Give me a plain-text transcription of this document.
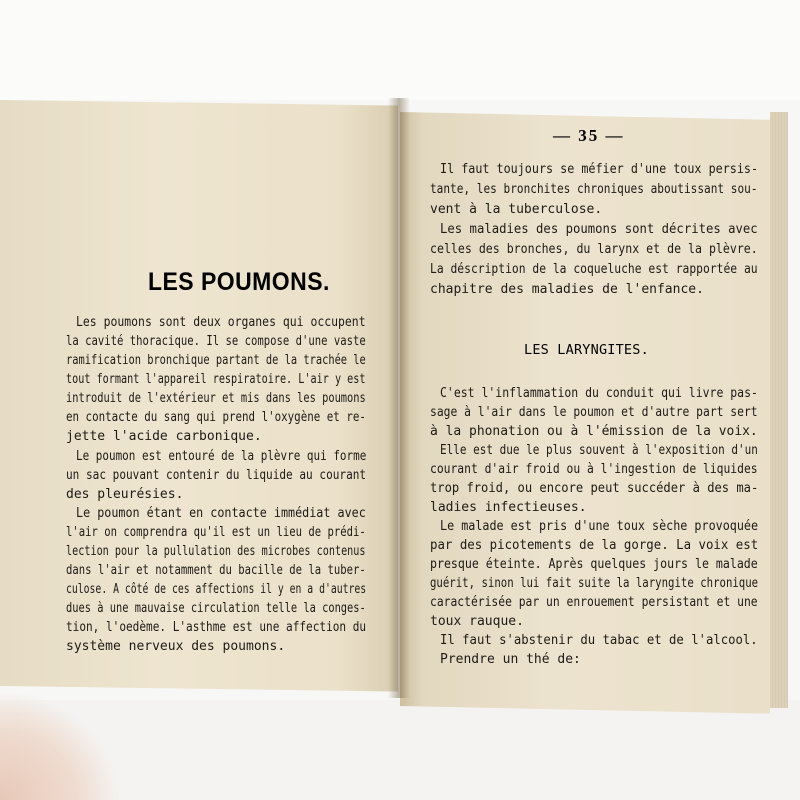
— 35 —
LES POUMONS.
LES LARYNGITES.
Les poumons sont deux organes qui occupent
la cavité thoracique. Il se compose d'une vaste
ramification bronchique partant de la trachée le
tout formant l'appareil respiratoire. L'air y est
introduit de l'extérieur et mis dans les poumons
en contacte du sang qui prend l'oxygène et re-
jette l'acide carbonique.
Le poumon est entouré de la plèvre qui forme
un sac pouvant contenir du liquide au courant
des pleurésies.
Le poumon étant en contacte immédiat avec
l'air on comprendra qu'il est un lieu de prédi-
lection pour la pullulation des microbes contenus
dans l'air et notamment du bacille de la tuber-
culose. A côté de ces affections il y en a d'autres
dues à une mauvaise circulation telle la conges-
tion, l'oedème. L'asthme est une affection du
système nerveux des poumons.
Il faut toujours se méfier d'une toux persis-
tante, les bronchites chroniques aboutissant sou-
vent à la tuberculose.
Les maladies des poumons sont décrites avec
celles des bronches, du larynx et de la plèvre.
La déscription de la coqueluche est rapportée au
chapitre des maladies de l'enfance.
C'est l'inflammation du conduit qui livre pas-
sage à l'air dans le poumon et d'autre part sert
à la phonation ou à l'émission de la voix.
Elle est due le plus souvent à l'exposition d'un
courant d'air froid ou à l'ingestion de liquides
trop froid, ou encore peut succéder à des ma-
ladies infectieuses.
Le malade est pris d'une toux sèche provoquée
par des picotements de la gorge. La voix est
presque éteinte. Après quelques jours le malade
guérit, sinon lui fait suite la laryngite chronique
caractérisée par un enrouement persistant et une
toux rauque.
Il faut s'abstenir du tabac et de l'alcool.
Prendre un thé de:
